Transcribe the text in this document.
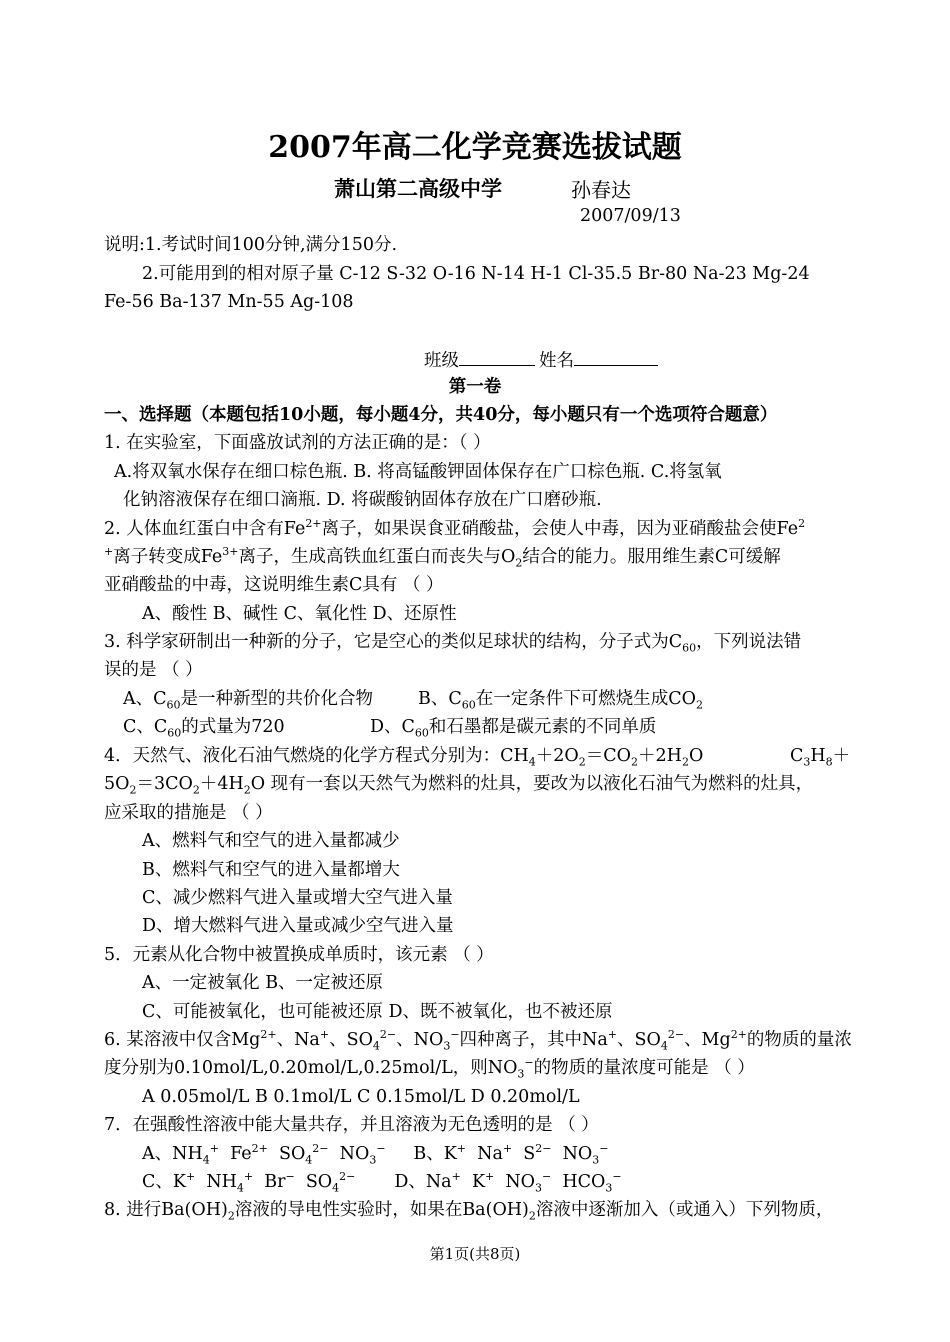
2007年高二化学竞赛选拔试题
萧山第二高级中学	孙春达
2007/09/13
说明:1.考试时间100分钟,满分150分.
2.可能用到的相对原子量 C-12 S-32 O-16 N-14 H-1 Cl-35.5 Br-80 Na-23 Mg-24
Fe-56 Ba-137 Mn-55 Ag-108
班级	姓名
第一卷
一、选择题（本题包括10小题，每小题4分，共40分，每小题只有一个选项符合题意）
1. 在实验室，下面盛放试剂的方法正确的是：（ ）
A.将双氧水保存在细口棕色瓶. B. 将高锰酸钾固体保存在广口棕色瓶. C.将氢氧
化钠溶液保存在细口滴瓶. D. 将碳酸钠固体存放在广口磨砂瓶.
2. 人体血红蛋白中含有$Fe^{2+}$离子，如果误食亚硝酸盐，会使人中毒，因为亚硝酸盐会使Fe$^2$
+离子转变成$Fe^{3+}$离子，生成高铁血红蛋白而丧失与$O_2$结合的能力。服用维生素C可缓解
亚硝酸盐的中毒，这说明维生素C具有 （ ）
A、酸性 B、碱性 C、氧化性 D、还原性
3. 科学家研制出一种新的分子，它是空心的类似足球状的结构，分子式为$C_{60}$，下列说法错
误的是 （ ）
A、$C_{60}$是一种新型的共价化合物	B、$C_{60}$在一定条件下可燃烧生成$CO_2$
C、$C_{60}$的式量为720	D、$C_{60}$和石墨都是碳元素的不同单质
4．天然气、液化石油气燃烧的化学方程式分别为：$CH_4+2O_2=CO_2+2H_2O$	$C_3H_8+$
$5O_2=3CO_2+4H_2O$ 现有一套以天然气为燃料的灶具，要改为以液化石油气为燃料的灶具，
应采取的措施是 （ ）
A、燃料气和空气的进入量都减少
B、燃料气和空气的进入量都增大
C、减少燃料气进入量或增大空气进入量
D、增大燃料气进入量或减少空气进入量
5．元素从化合物中被置换成单质时，该元素 （ ）
A、一定被氧化 B、一定被还原
C、可能被氧化，也可能被还原 D、既不被氧化，也不被还原
6. 某溶液中仅含$Mg^{2+}$、Na+、$SO_4^{2-}$、$NO_3^-$四种离子，其中Na+、$SO_4^{2-}$、$Mg^{2+}$的物质的量浓
度分别为0.10mol/L,0.20mol/L,0.25mol/L，则$NO_3^-$的物质的量浓度可能是 （ ）
A 0.05mol/L B 0.1mol/L C 0.15mol/L D 0.20mol/L
7．在强酸性溶液中能大量共存，并且溶液为无色透明的是 （ ）
A、$NH_4^+$  $Fe^{2+}$  $SO_4^{2-}$  $NO_3^-$     B、K+  Na+  $S^{2-}$  $NO_3^-$
C、K+  $NH_4^+$  Br−  $SO_4^{2-}$       D、Na+  K+  $NO_3^-$  $HCO_3^-$
8. 进行$Ba(OH)_2$溶液的导电性实验时，如果在$Ba(OH)_2$溶液中逐渐加入（或通入）下列物质，
第1页(共8页)
